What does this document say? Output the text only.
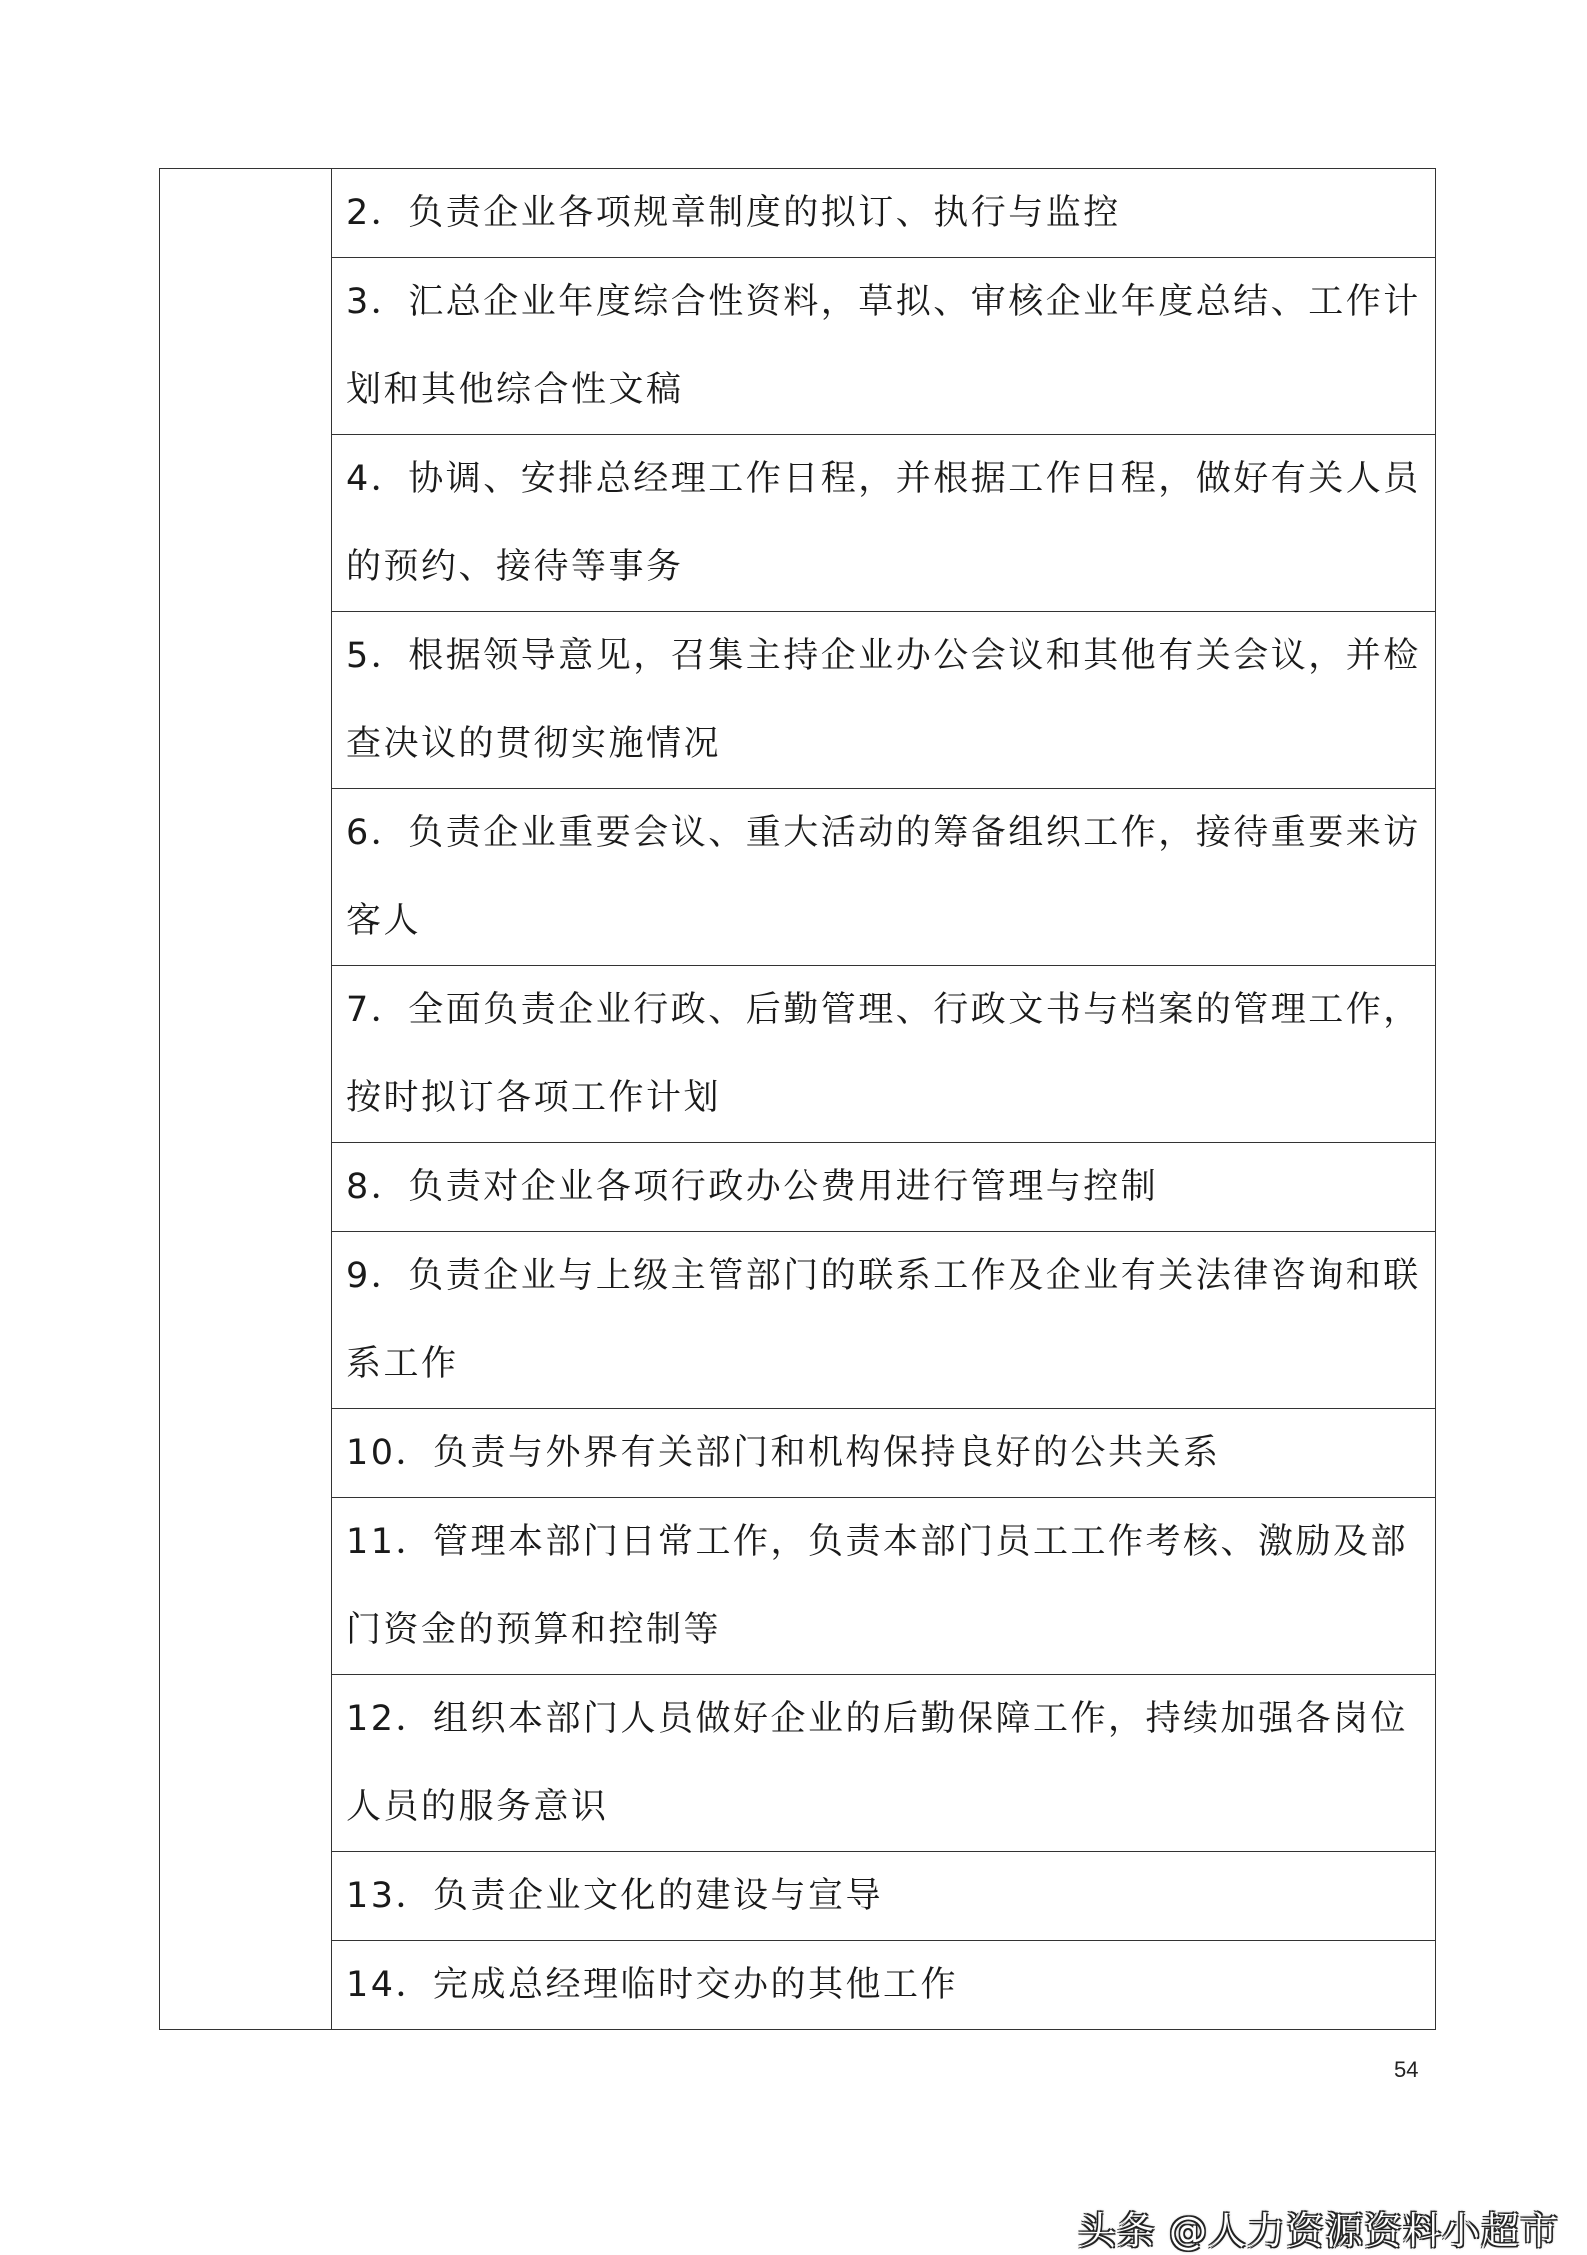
	2．负责企业各项规章制度的拟订、执行与监控
3．汇总企业年度综合性资料，草拟、审核企业年度总结、工作计划和其他综合性文稿
4．协调、安排总经理工作日程，并根据工作日程，做好有关人员的预约、接待等事务
5．根据领导意见，召集主持企业办公会议和其他有关会议，并检查决议的贯彻实施情况
6．负责企业重要会议、重大活动的筹备组织工作，接待重要来访客人
7．全面负责企业行政、后勤管理、行政文书与档案的管理工作，按时拟订各项工作计划
8．负责对企业各项行政办公费用进行管理与控制
9．负责企业与上级主管部门的联系工作及企业有关法律咨询和联系工作
10．负责与外界有关部门和机构保持良好的公共关系
11．管理本部门日常工作，负责本部门员工工作考核、激励及部门资金的预算和控制等
12．组织本部门人员做好企业的后勤保障工作，持续加强各岗位人员的服务意识
13．负责企业文化的建设与宣导
14．完成总经理临时交办的其他工作
54
头条 @人力资源资料小超市
